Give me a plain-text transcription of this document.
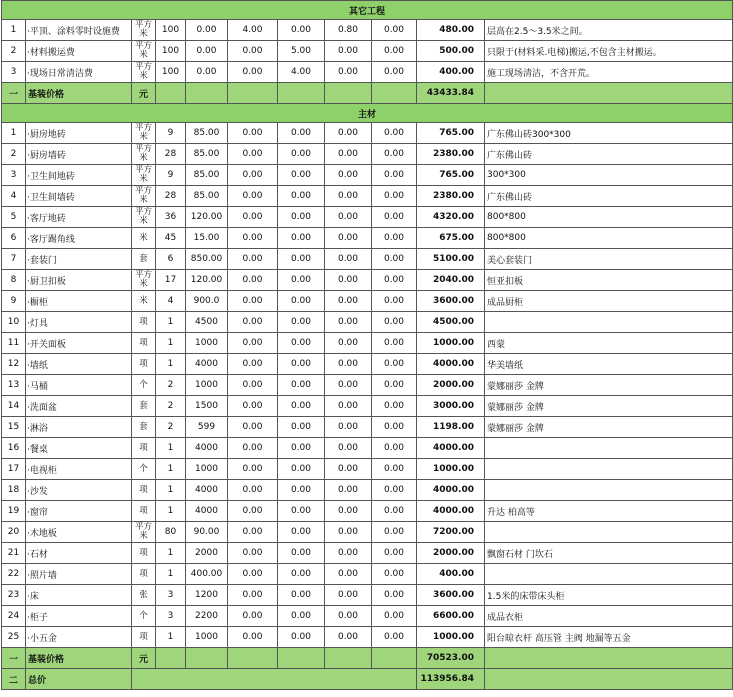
其它工程										
1	·平顶、涂料零时设施费	平方米	100	0.00	4.00	0.00	0.80	0.00	480.00	层高在2.5～3.5米之间。
2	·材料搬运费	平方米	100	0.00	0.00	5.00	0.00	0.00	500.00	只限于(材料采.电梯)搬运,不包含主材搬运。
3	·现场日常清洁费	平方米	100	0.00	0.00	4.00	0.00	0.00	400.00	施工现场清洁，不含开荒。
一	基装价格	元							43433.84	
主材										
1	·厨房地砖	平方米	9	85.00	0.00	0.00	0.00	0.00	765.00	广东佛山砖300*300
2	·厨房墙砖	平方米	28	85.00	0.00	0.00	0.00	0.00	2380.00	广东佛山砖
3	·卫生间地砖	平方米	9	85.00	0.00	0.00	0.00	0.00	765.00	300*300
4	·卫生间墙砖	平方米	28	85.00	0.00	0.00	0.00	0.00	2380.00	广东佛山砖
5	·客厅地砖	平方米	36	120.00	0.00	0.00	0.00	0.00	4320.00	800*800
6	·客厅踢角线	米	45	15.00	0.00	0.00	0.00	0.00	675.00	800*800
7	·套装门	套	6	850.00	0.00	0.00	0.00	0.00	5100.00	美心套装门
8	·厨卫扣板	平方米	17	120.00	0.00	0.00	0.00	0.00	2040.00	恒亚扣板
9	·橱柜	米	4	900.0	0.00	0.00	0.00	0.00	3600.00	成品厨柜
10	·灯具	项	1	4500	0.00	0.00	0.00	0.00	4500.00	
11	·开关面板	项	1	1000	0.00	0.00	0.00	0.00	1000.00	西蒙
12	·墙纸	项	1	4000	0.00	0.00	0.00	0.00	4000.00	华美墙纸
13	·马桶	个	2	1000	0.00	0.00	0.00	0.00	2000.00	蒙娜丽莎 金牌
14	·洗面盆	套	2	1500	0.00	0.00	0.00	0.00	3000.00	蒙娜丽莎 金牌
15	·淋浴	套	2	599	0.00	0.00	0.00	0.00	1198.00	蒙娜丽莎 金牌
16	·餐桌	项	1	4000	0.00	0.00	0.00	0.00	4000.00	
17	·电视柜	个	1	1000	0.00	0.00	0.00	0.00	1000.00	
18	·沙发	项	1	4000	0.00	0.00	0.00	0.00	4000.00	
19	·窗帘	项	1	4000	0.00	0.00	0.00	0.00	4000.00	升达 柏高等
20	·木地板	平方米	80	90.00	0.00	0.00	0.00	0.00	7200.00	
21	·石材	项	1	2000	0.00	0.00	0.00	0.00	2000.00	飘窗石材 门坎石
22	·照片墙	项	1	400.00	0.00	0.00	0.00	0.00	400.00	
23	·床	张	3	1200	0.00	0.00	0.00	0.00	3600.00	1.5米的床带床头柜
24	·柜子	个	3	2200	0.00	0.00	0.00	0.00	6600.00	成品衣柜
25	·小五金	项	1	1000	0.00	0.00	0.00	0.00	1000.00	阳台晾衣杆 高压管 主阀 地漏等五金
一	基装价格	元							70523.00	
二	总价								113956.84	
